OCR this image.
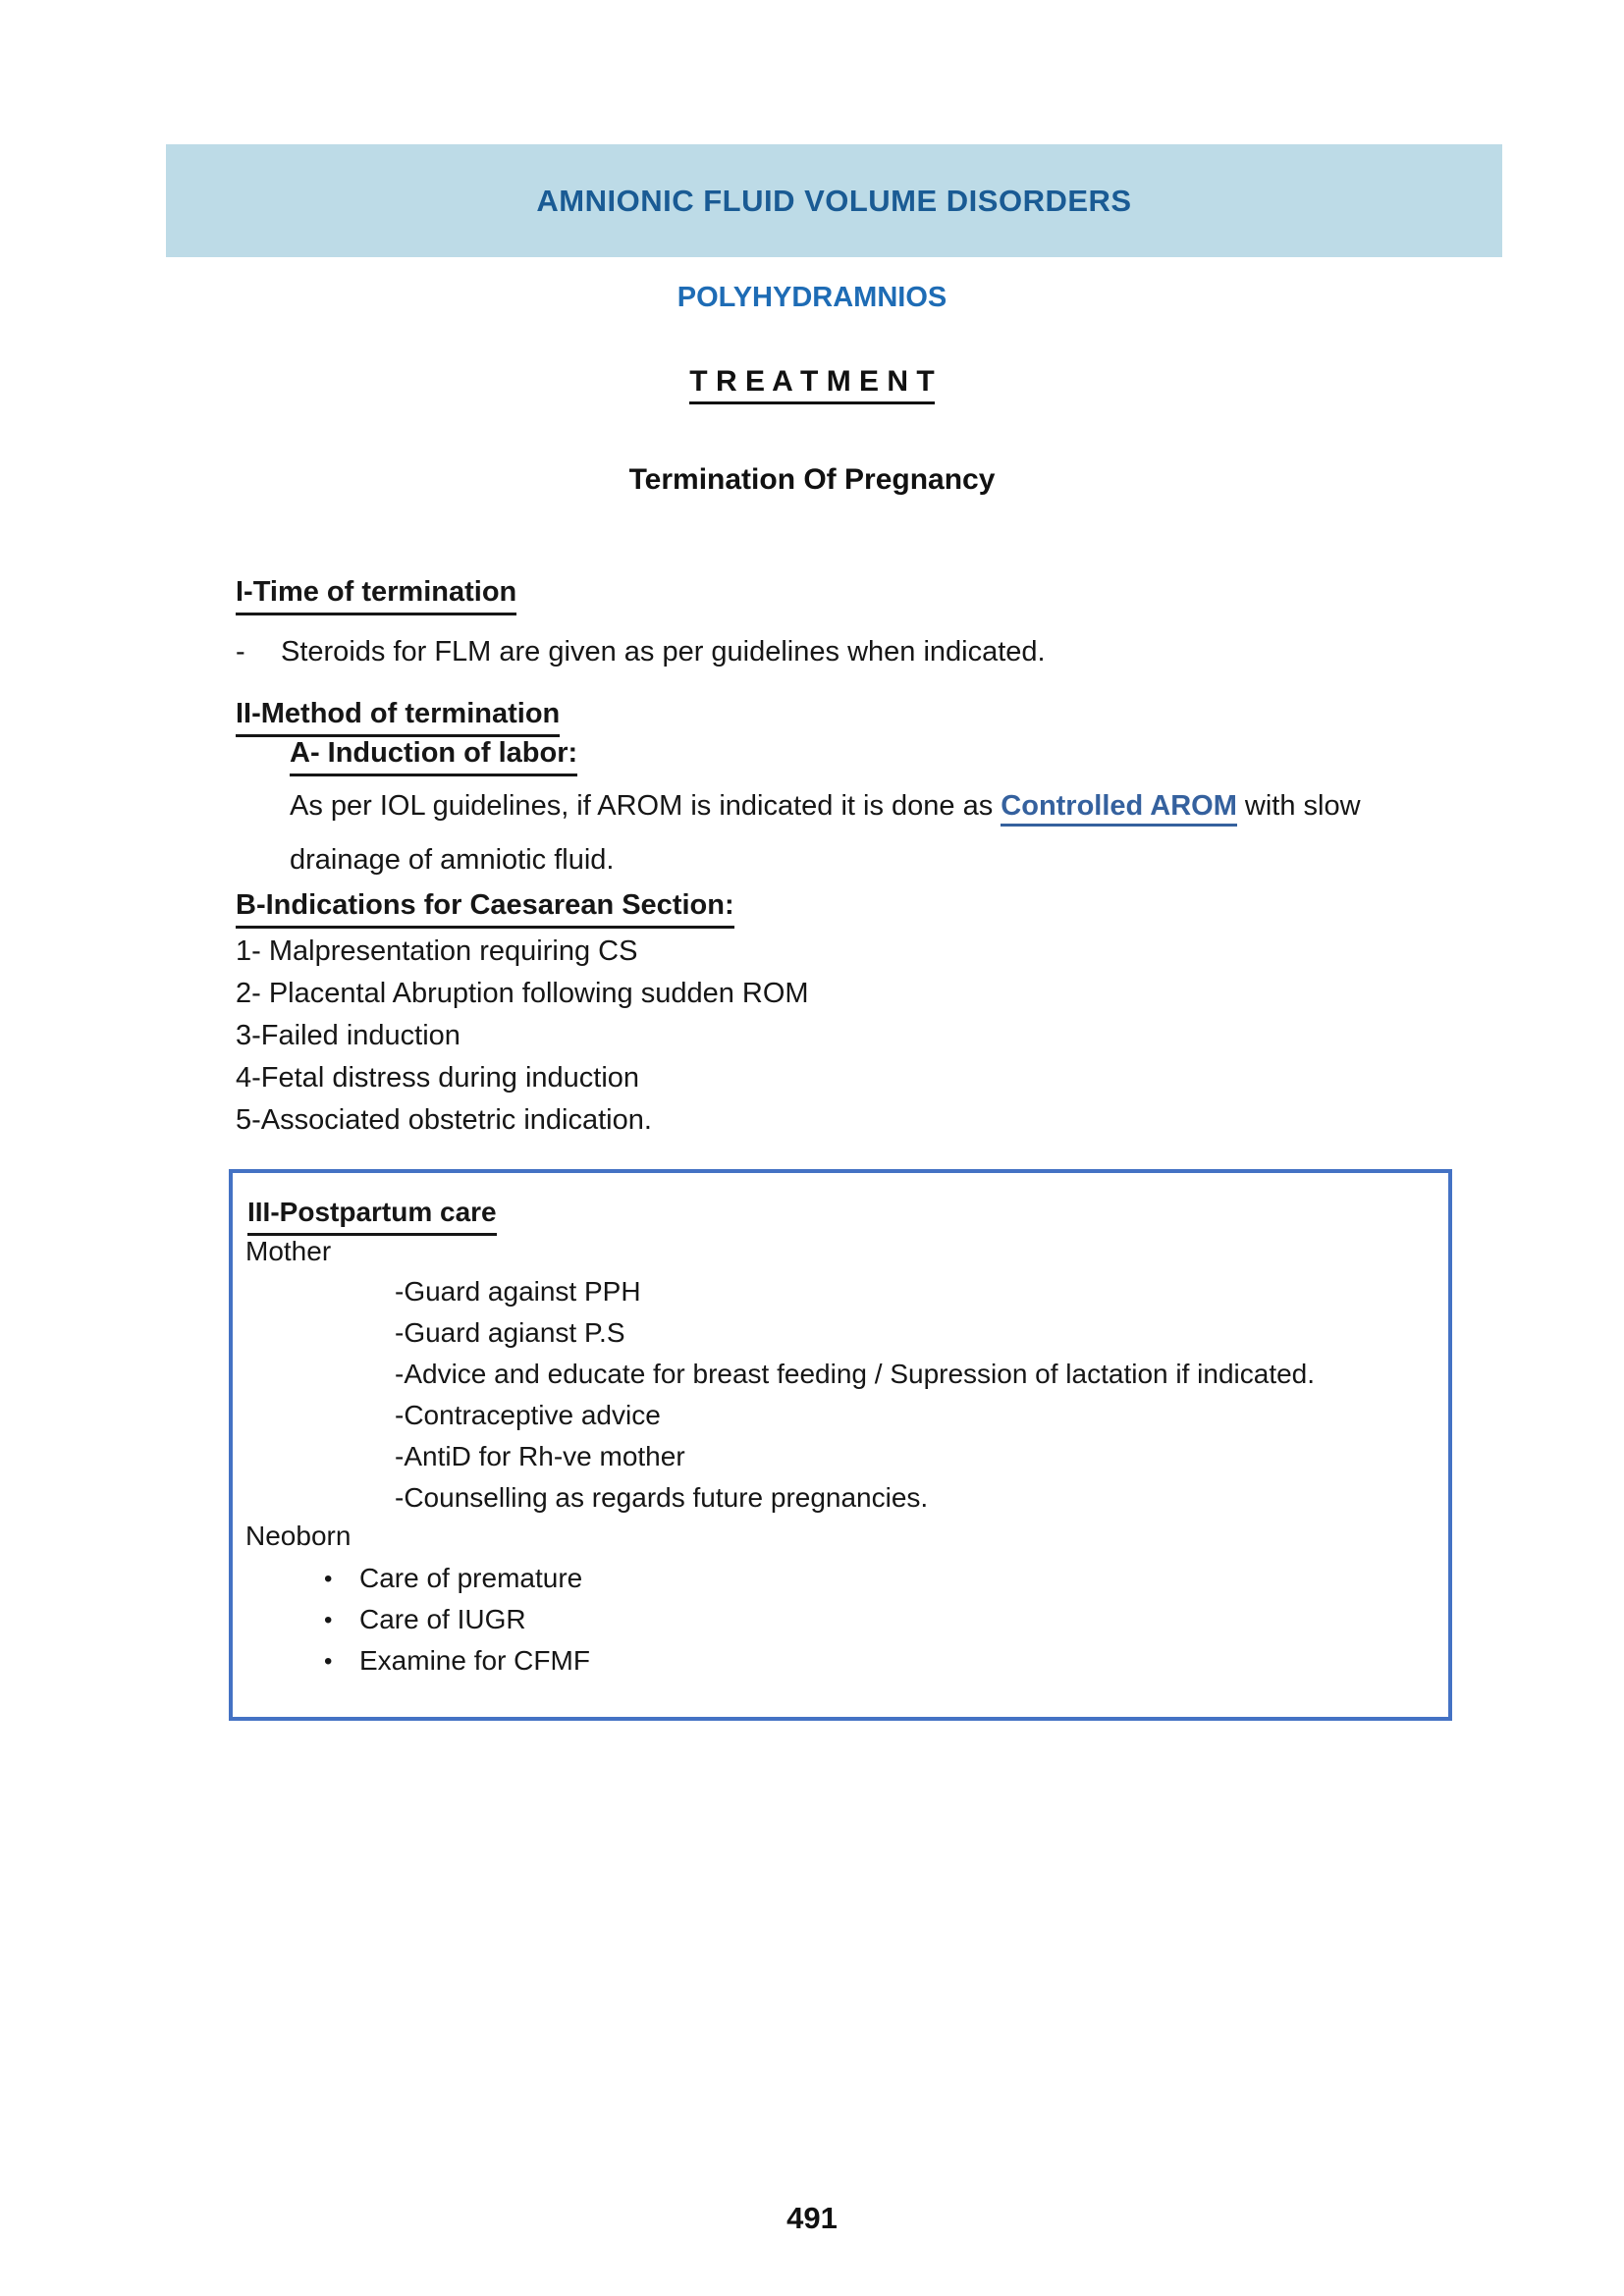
AMNIONIC FLUID VOLUME DISORDERS
POLYHYDRAMNIOS
T R E A T M E N T
Termination Of Pregnancy
I-Time of termination
-	Steroids for FLM are given as per guidelines when indicated.
II-Method of termination
A- Induction of labor:
As per IOL guidelines, if AROM is indicated it is done as Controlled AROM with slow
drainage of amniotic fluid.
B-Indications for Caesarean Section:
1- Malpresentation requiring CS
2- Placental Abruption following sudden ROM
3-Failed induction
4-Fetal distress during induction
5-Associated obstetric indication.
III-Postpartum care
Mother
-Guard against PPH
-Guard agianst P.S
-Advice and educate for breast feeding / Supression of lactation if indicated.
-Contraceptive advice
-AntiD for Rh-ve mother
-Counselling as regards future pregnancies.
Neoborn
• Care of premature
• Care of IUGR
• Examine for CFMF
491
